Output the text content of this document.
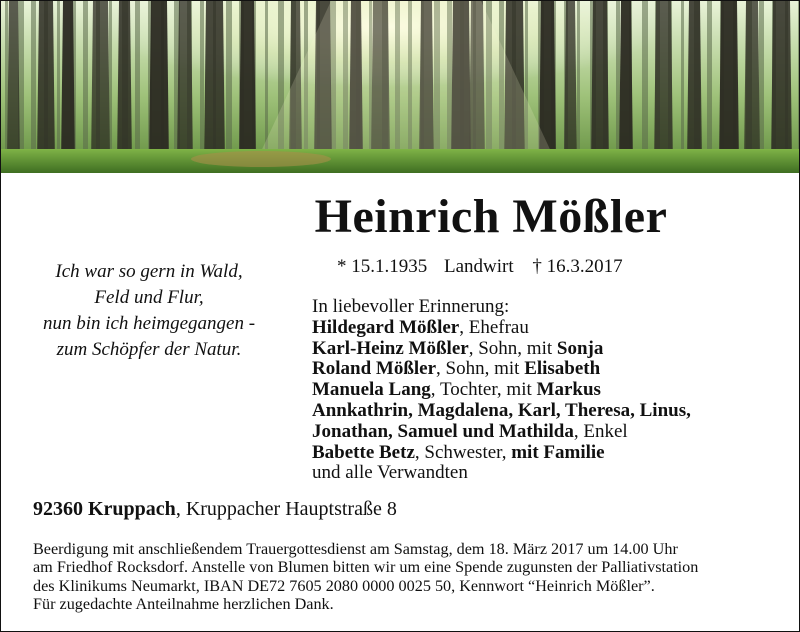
Heinrich Mößler
Ich war so gern in Wald,
Feld und Flur,
nun bin ich heimgegangen -
zum Schöpfer der Natur.
* 15.1.1935 Landwirt † 16.3.2017
In liebevoller Erinnerung:
Hildegard Mößler, Ehefrau
Karl-Heinz Mößler, Sohn, mit Sonja
Roland Mößler, Sohn, mit Elisabeth
Manuela Lang, Tochter, mit Markus
Annkathrin, Magdalena, Karl, Theresa, Linus,
Jonathan, Samuel und Mathilda, Enkel
Babette Betz, Schwester, mit Familie
und alle Verwandten
92360 Kruppach, Kruppacher Hauptstraße 8
Beerdigung mit anschließendem Trauergottesdienst am Samstag, dem 18. März 2017 um 14.00 Uhr
am Friedhof Rocksdorf. Anstelle von Blumen bitten wir um eine Spende zugunsten der Palliativstation
des Klinikums Neumarkt, IBAN DE72 7605 2080 0000 0025 50, Kennwort “Heinrich Mößler”.
Für zugedachte Anteilnahme herzlichen Dank.
